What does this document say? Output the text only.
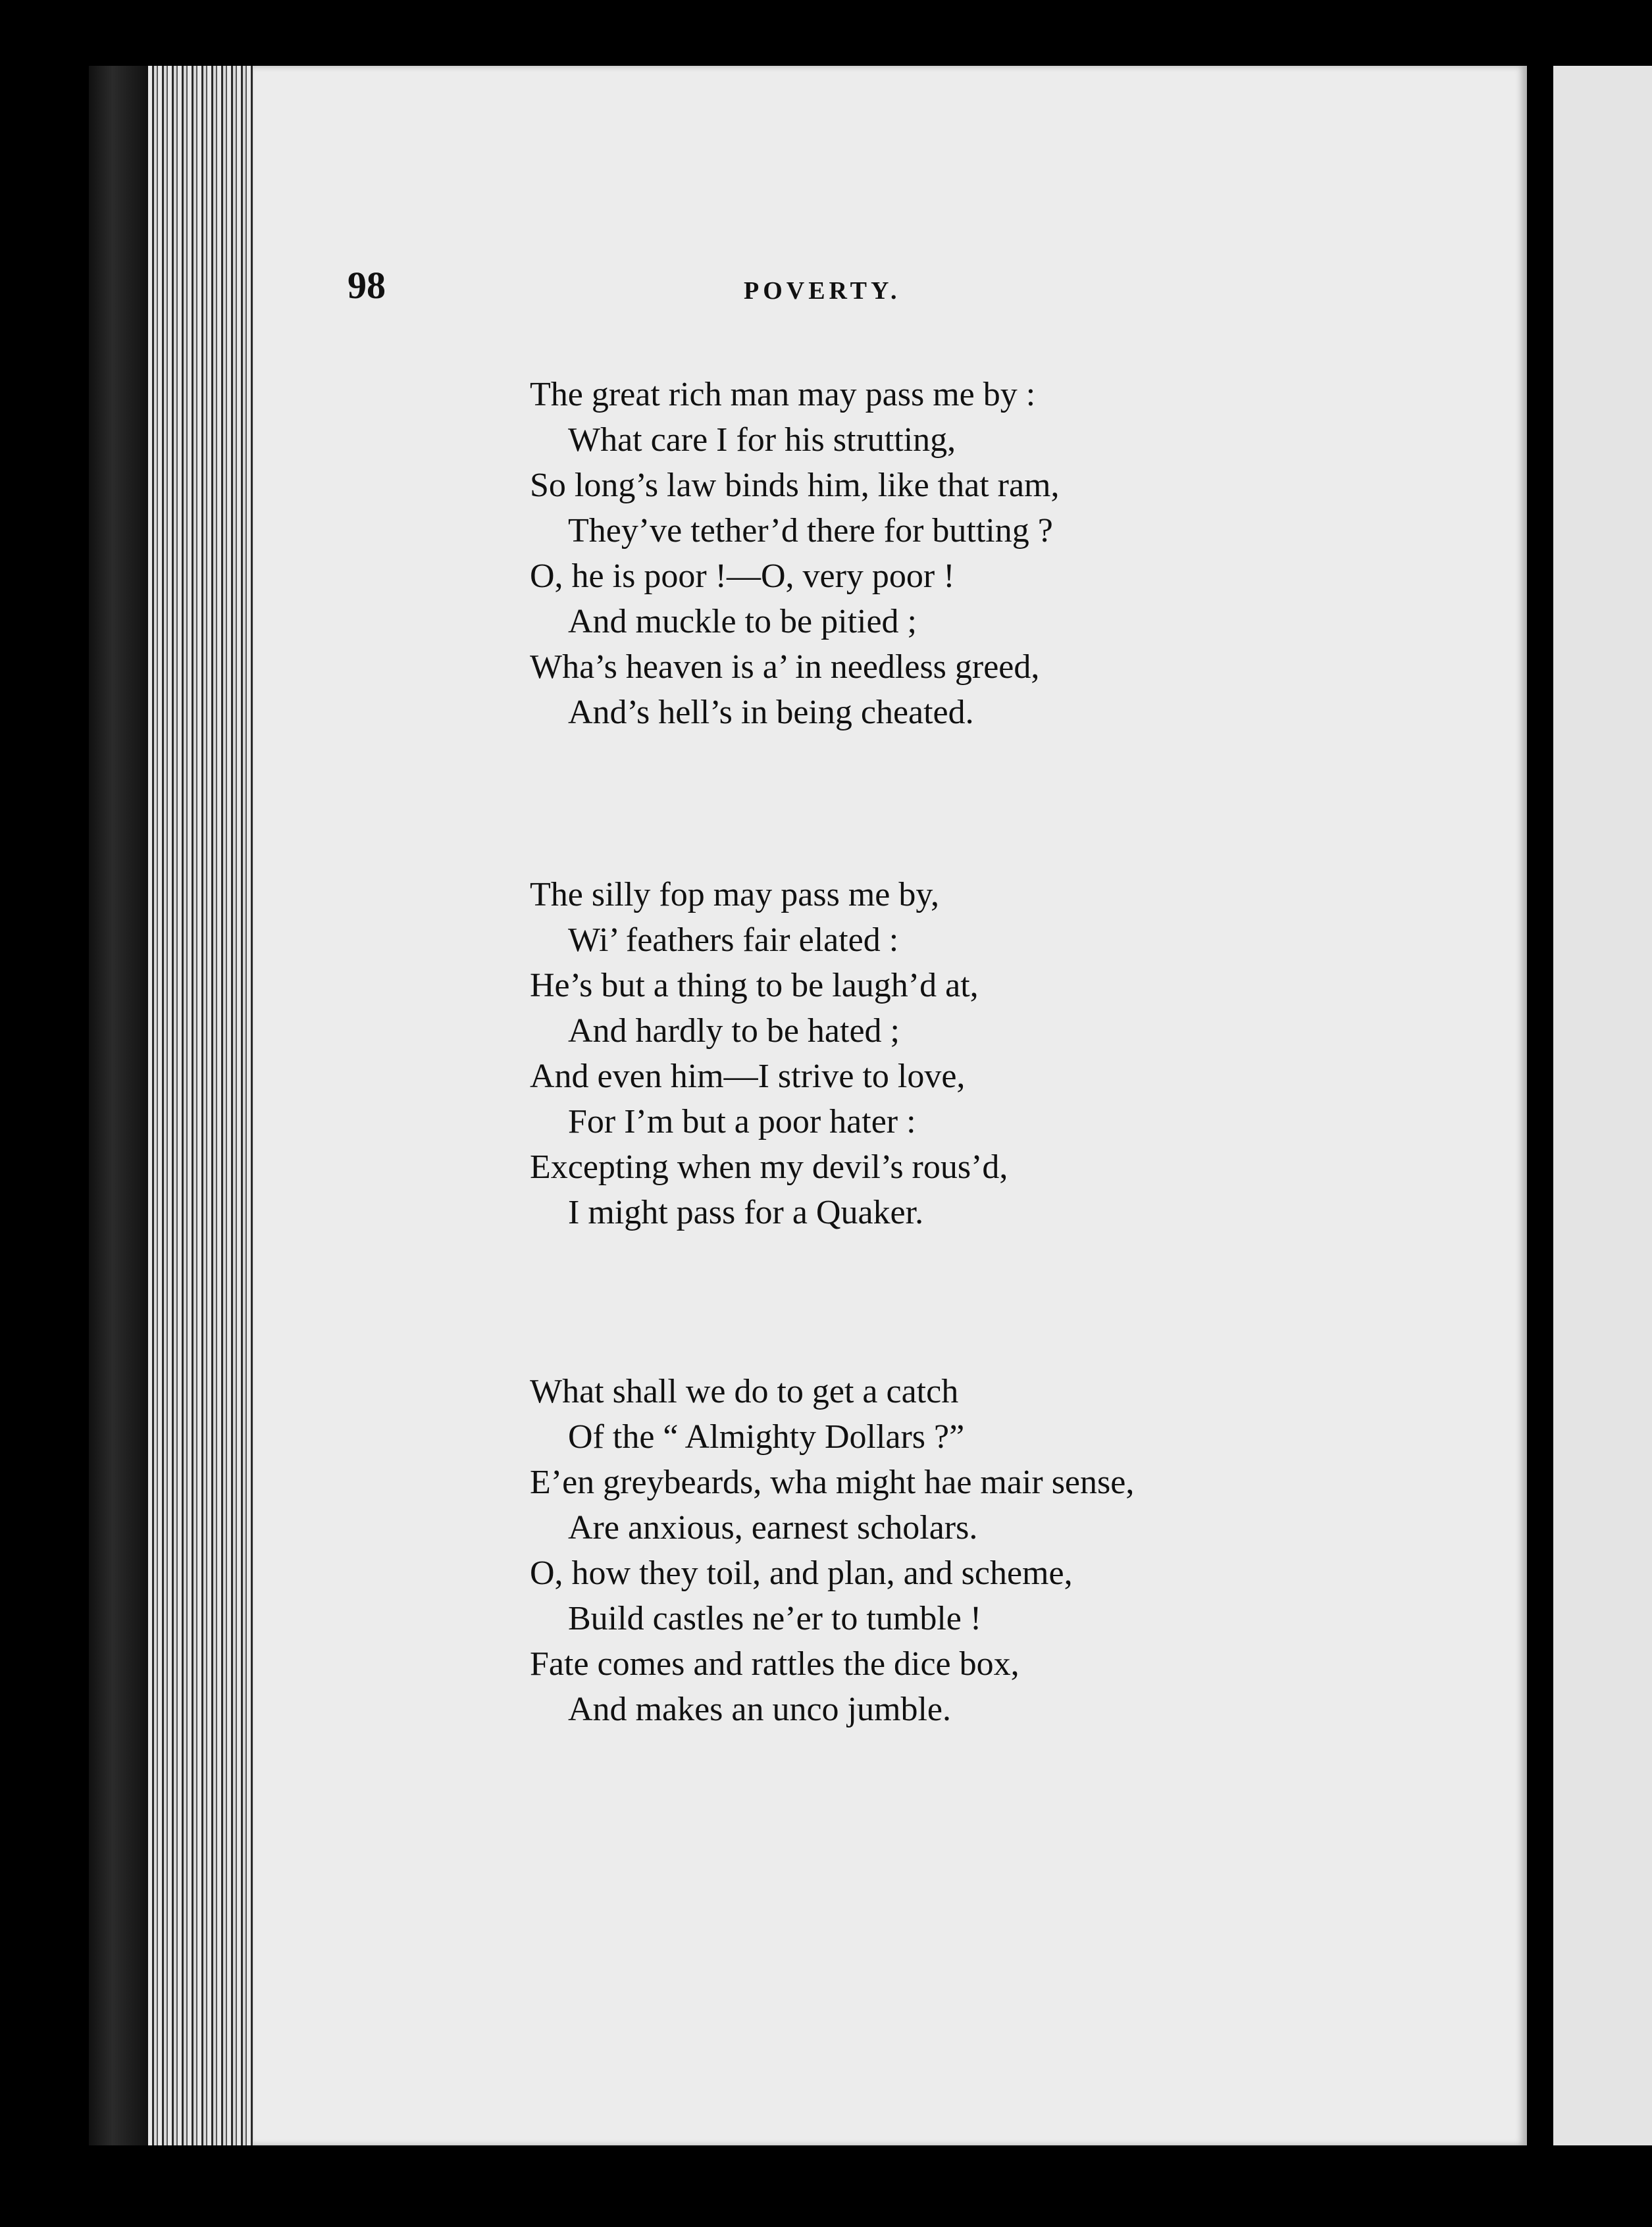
98	POVERTY.
The great rich man may pass me by :
What care I for his strutting,
So long’s law binds him, like that ram,
They’ve tether’d there for butting ?
O, he is poor !—O, very poor !
And muckle to be pitied ;
Wha’s heaven is a’ in needless greed,
And’s hell’s in being cheated.
The silly fop may pass me by,
Wi’ feathers fair elated :
He’s but a thing to be laugh’d at,
And hardly to be hated ;
And even him—I strive to love,
For I’m but a poor hater :
Excepting when my devil’s rous’d,
I might pass for a Quaker.
What shall we do to get a catch
Of the “ Almighty Dollars ?”
E’en greybeards, wha might hae mair sense,
Are anxious, earnest scholars.
O, how they toil, and plan, and scheme,
Build castles ne’er to tumble !
Fate comes and rattles the dice box,
And makes an unco jumble.
